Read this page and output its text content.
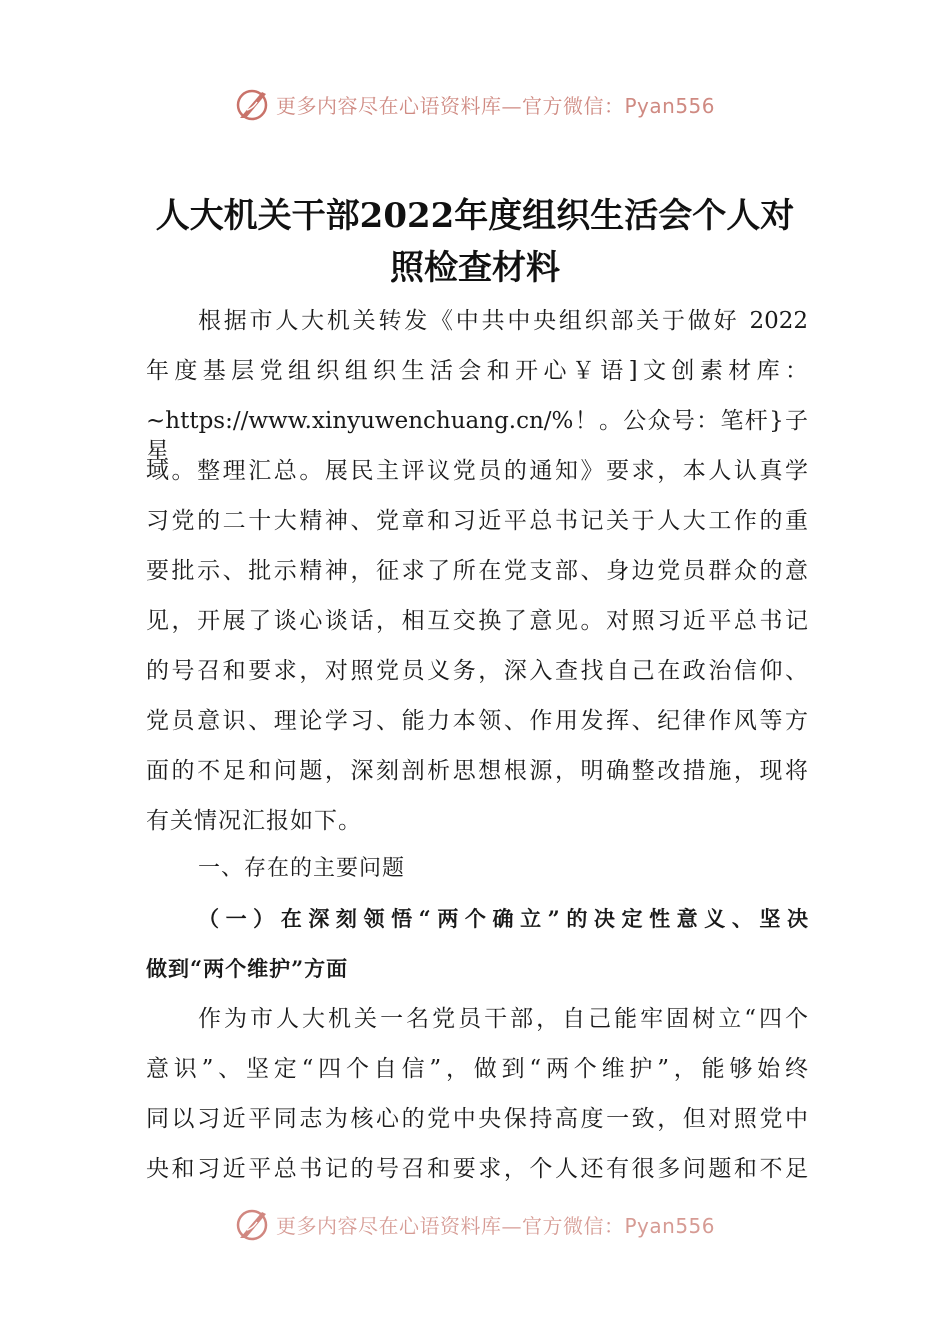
更多内容尽在心语资料库—官方微信：Pyan556
人大机关干部2022年度组织生活会个人对
照检查材料
根据市人大机关转发《中共中央组织部关于做好 2022
年度基层党组织组织生活会和开心￥语]文创素材库：
~https://www.xinyuwenchuang.cn/%！。公众号：笔杆}子星
域。整理汇总。展民主评议党员的通知》要求，本人认真学
习党的二十大精神、党章和习近平总书记关于人大工作的重
要批示、批示精神，征求了所在党支部、身边党员群众的意
见，开展了谈心谈话，相互交换了意见。对照习近平总书记
的号召和要求，对照党员义务，深入查找自己在政治信仰、
党员意识、理论学习、能力本领、作用发挥、纪律作风等方
面的不足和问题，深刻剖析思想根源，明确整改措施，现将
有关情况汇报如下。
一、存在的主要问题
（一）在深刻领悟“两个确立”的决定性意义、坚决
做到“两个维护”方面
作为市人大机关一名党员干部，自己能牢固树立“四个
意识”、坚定“四个自信”，做到“两个维护”，能够始终
同以习近平同志为核心的党中央保持高度一致，但对照党中
央和习近平总书记的号召和要求，个人还有很多问题和不足
更多内容尽在心语资料库—官方微信：Pyan556
